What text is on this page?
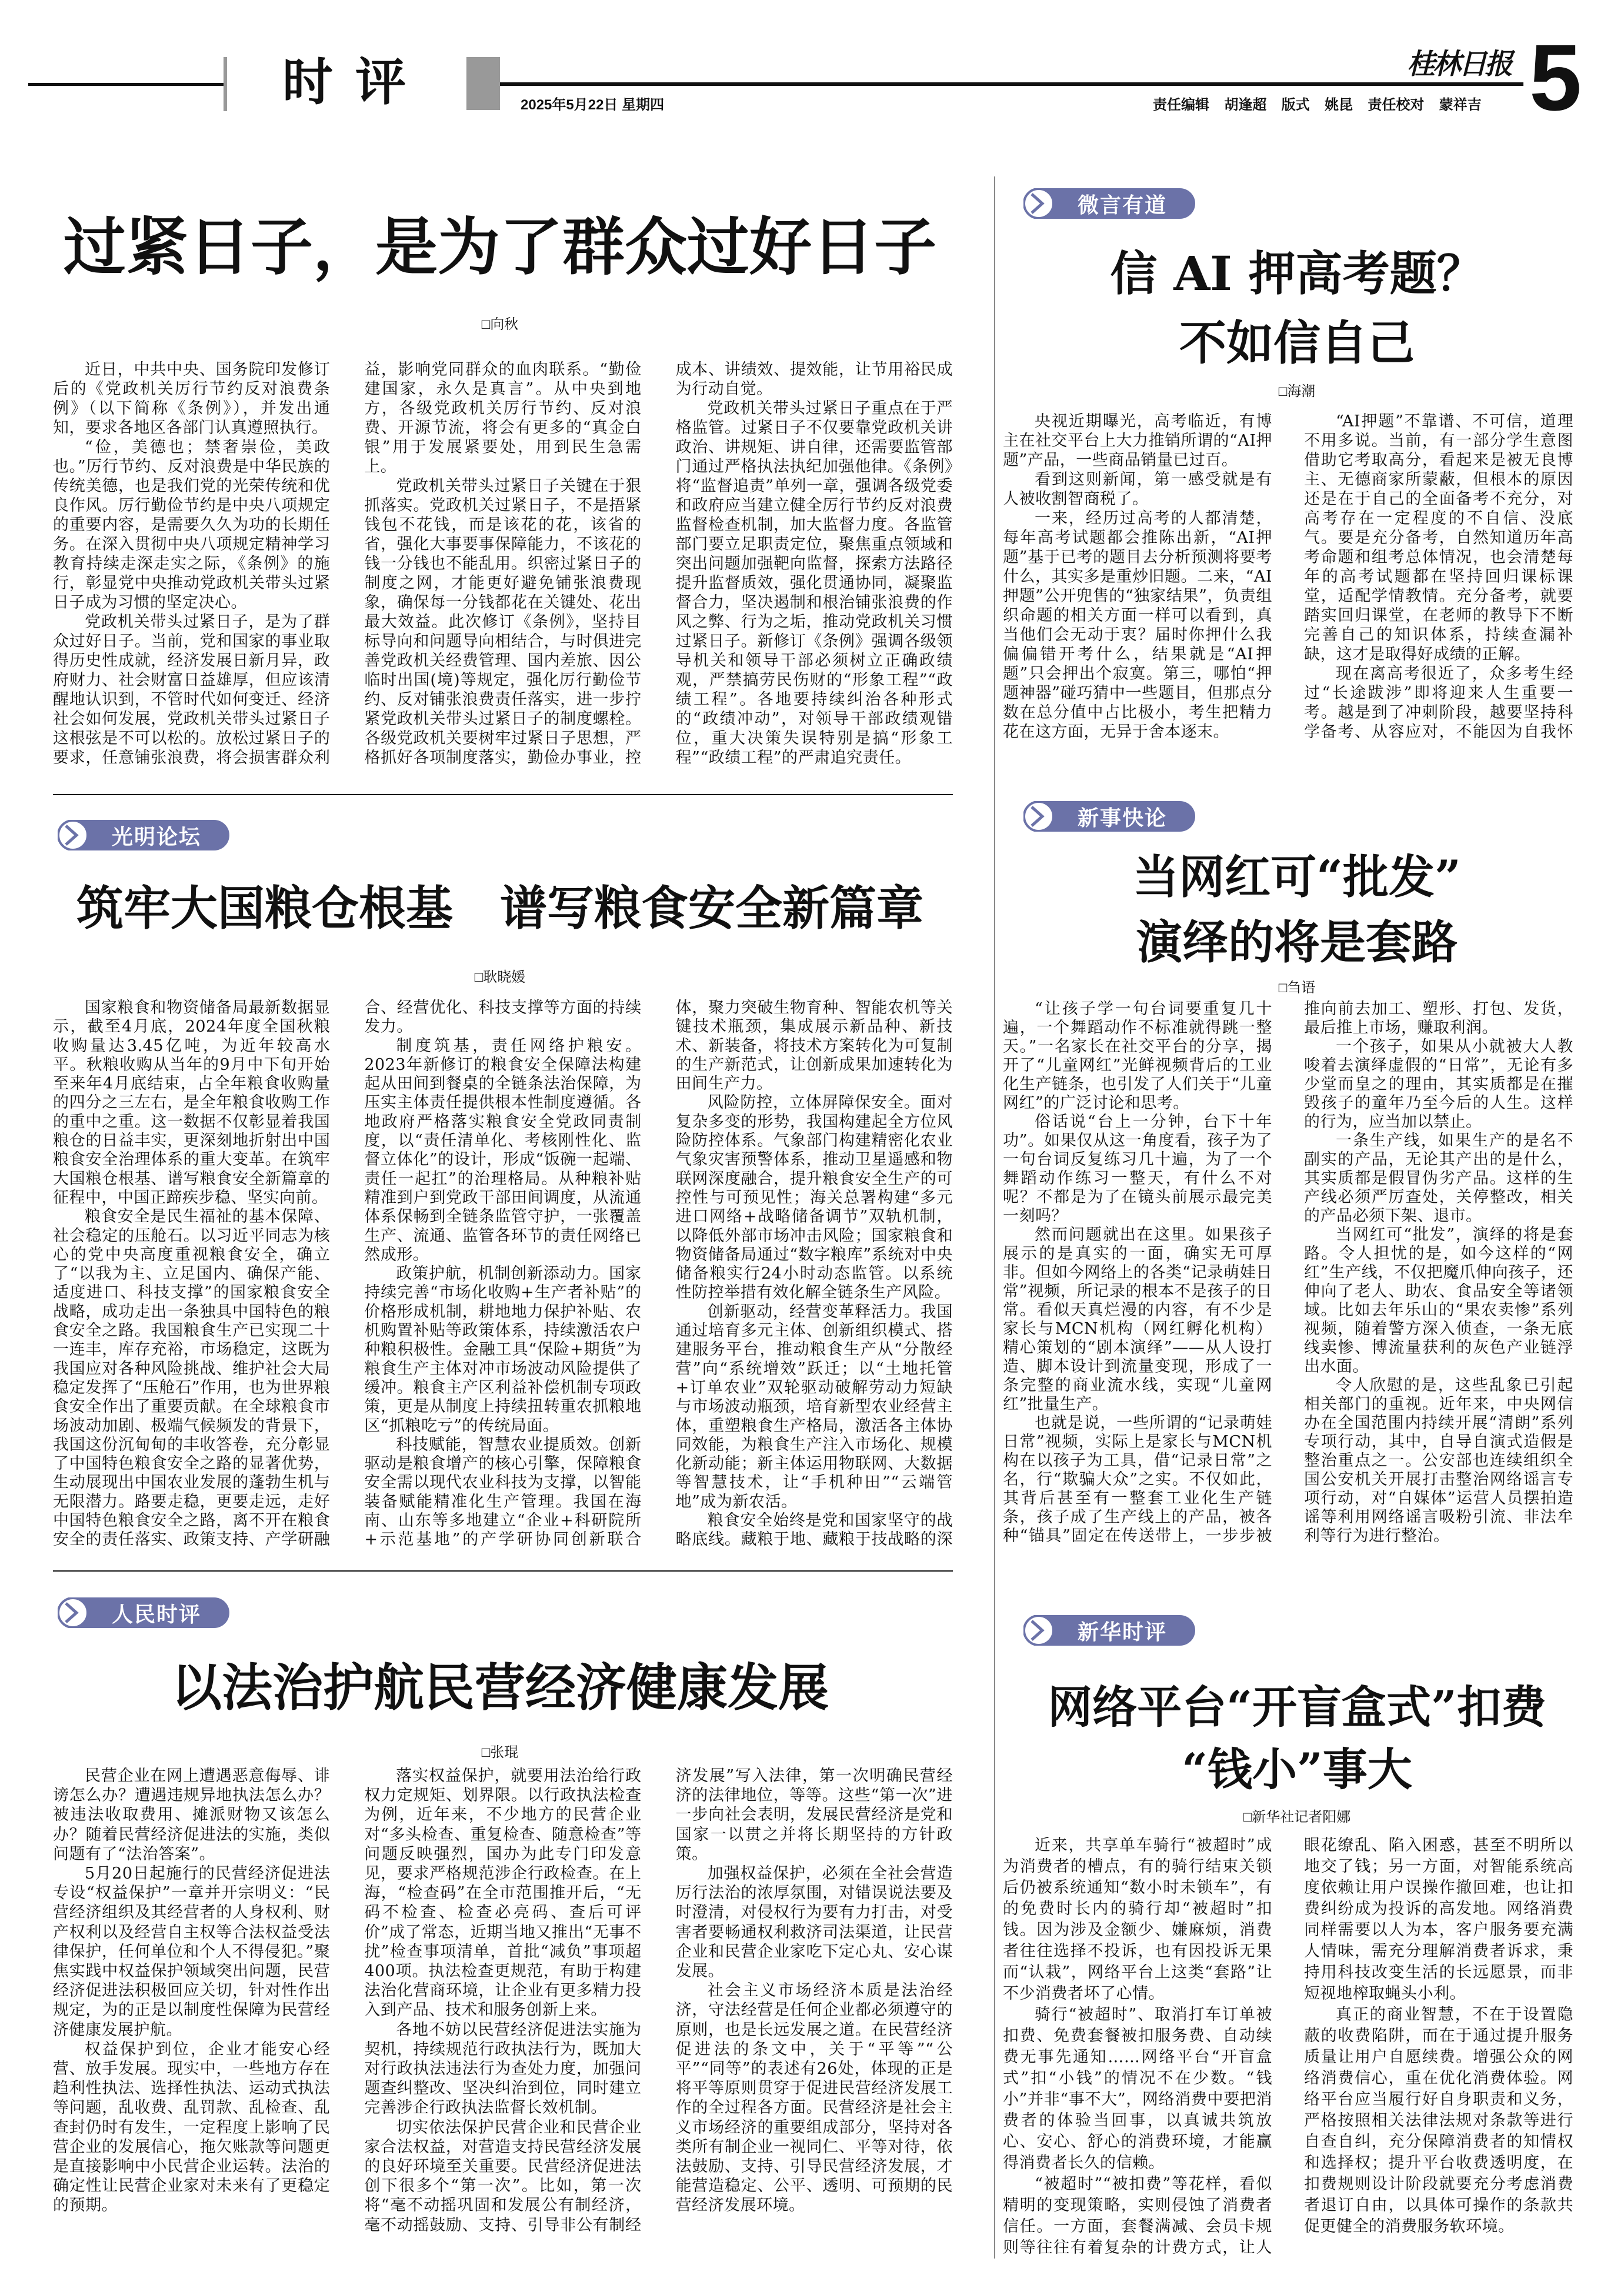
时评	2025年5月22日 星期四	责任编辑  胡逢超  版式  姚昆  责任校对  蒙祥吉
桂林日报 5
过紧日子，是为了群众过好日子
□向秋

近日，中共中央、国务院印发修订后的《党政机关厉行节约反对浪费条例》（以下简称《条例》），并发出通知，要求各地区各部门认真遵照执行。

“俭，美德也；禁奢崇俭，美政也。”厉行节约、反对浪费是中华民族的传统美德，也是我们党的光荣传统和优良作风。厉行勤俭节约是中央八项规定的重要内容，是需要久久为功的长期任务。在深入贯彻中央八项规定精神学习教育持续走深走实之际，《条例》的施行，彰显党中央推动党政机关带头过紧日子成为习惯的坚定决心。

党政机关带头过紧日子，是为了群众过好日子。当前，党和国家的事业取得历史性成就，经济发展日新月异，政府财力、社会财富日益雄厚，但应该清醒地认识到，不管时代如何变迁、经济社会如何发展，党政机关带头过紧日子这根弦是不可以松的。放松过紧日子的要求，任意铺张浪费，将会损害群众利益，影响党同群众的血肉联系。“勤俭建国家，永久是真言”。从中央到地方，各级党政机关厉行节约、反对浪费、开源节流，将会有更多的“真金白银”用于发展紧要处，用到民生急需上。

党政机关带头过紧日子关键在于狠抓落实。党政机关过紧日子，不是捂紧钱包不花钱，而是该花的花，该省的省，强化大事要事保障能力，不该花的钱一分钱也不能乱用。织密过紧日子的制度之网，才能更好避免铺张浪费现象，确保每一分钱都花在关键处、花出最大效益。此次修订《条例》，坚持目标导向和问题导向相结合，与时俱进完善党政机关经费管理、国内差旅、因公临时出国(境)等规定，强化厉行勤俭节约、反对铺张浪费责任落实，进一步拧紧党政机关带头过紧日子的制度螺栓。各级党政机关要树牢过紧日子思想，严格抓好各项制度落实，勤俭办事业，控成本、讲绩效、提效能，让节用裕民成为行动自觉。

党政机关带头过紧日子重点在于严格监管。过紧日子不仅要靠党政机关讲政治、讲规矩、讲自律，还需要监管部门通过严格执法执纪加强他律。《条例》将“监督追责”单列一章，强调各级党委和政府应当建立健全厉行节约反对浪费监督检查机制，加大监督力度。各监管部门要立足职责定位，聚焦重点领域和突出问题加强靶向监督，探索方法路径提升监督质效，强化贯通协同，凝聚监督合力，坚决遏制和根治铺张浪费的作风之弊、行为之垢，推动党政机关习惯过紧日子。新修订《条例》强调各级领导机关和领导干部必须树立正确政绩观，严禁搞劳民伤财的“形象工程”“政绩工程”。各地要持续纠治各种形式的“政绩冲动”，对领导干部政绩观错位，重大决策失误特别是搞“形象工程”“政绩工程”的严肃追究责任。

光明论坛
筑牢大国粮仓根基　谱写粮食安全新篇章
□耿晓媛

国家粮食和物资储备局最新数据显示，截至4月底，2024年度全国秋粮收购量达3.45亿吨，为近年较高水平。秋粮收购从当年的9月中下旬开始至来年4月底结束，占全年粮食收购量的四分之三左右，是全年粮食收购工作的重中之重。这一数据不仅彰显着我国粮仓的日益丰实，更深刻地折射出中国粮食安全治理体系的重大变革。在筑牢大国粮仓根基、谱写粮食安全新篇章的征程中，中国正蹄疾步稳、坚实向前。

粮食安全是民生福祉的基本保障、社会稳定的压舱石。以习近平同志为核心的党中央高度重视粮食安全，确立了“以我为主、立足国内、确保产能、适度进口、科技支撑”的国家粮食安全战略，成功走出一条独具中国特色的粮食安全之路。我国粮食生产已实现二十一连丰，库存充裕，市场稳定，这既为我国应对各种风险挑战、维护社会大局稳定发挥了“压舱石”作用，也为世界粮食安全作出了重要贡献。在全球粮食市场波动加剧、极端气候频发的背景下，我国这份沉甸甸的丰收答卷，充分彰显了中国特色粮食安全之路的显著优势，生动展现出中国农业发展的蓬勃生机与无限潜力。路要走稳，更要走远，走好中国特色粮食安全之路，离不开在粮食安全的责任落实、政策支持、产学研融合、经营优化、科技支撑等方面的持续发力。

制度筑基，责任网络护粮安。2023年新修订的粮食安全保障法构建起从田间到餐桌的全链条法治保障，为压实主体责任提供根本性制度遵循。各地政府严格落实粮食安全党政同责制度，以“责任清单化、考核刚性化、监督立体化”的设计，形成“饭碗一起端、责任一起扛”的治理格局。从种粮补贴精准到户到党政干部田间调度，从流通体系保畅到全链条监管守护，一张覆盖生产、流通、监管各环节的责任网络已然成形。

政策护航，机制创新添动力。国家持续完善“市场化收购+生产者补贴”的价格形成机制，耕地地力保护补贴、农机购置补贴等政策体系，持续激活农户种粮积极性。金融工具“保险+期货”为粮食生产主体对冲市场波动风险提供了缓冲。粮食主产区利益补偿机制专项政策，更是从制度上持续扭转重农抓粮地区“抓粮吃亏”的传统局面。

科技赋能，智慧农业提质效。创新驱动是粮食增产的核心引擎，保障粮食安全需以现代农业科技为支撑，以智能装备赋能精准化生产管理。我国在海南、山东等多地建立“企业+科研院所+示范基地”的产学研协同创新联合体，聚力突破生物育种、智能农机等关键技术瓶颈，集成展示新品种、新技术、新装备，将技术方案转化为可复制的生产新范式，让创新成果加速转化为田间生产力。

风险防控，立体屏障保安全。面对复杂多变的形势，我国构建起全方位风险防控体系。气象部门构建精密化农业气象灾害预警体系，推动卫星遥感和物联网深度融合，提升粮食安全生产的可控性与可预见性；海关总署构建“多元进口网络+战略储备调节”双轨机制，以降低外部市场冲击风险；国家粮食和物资储备局通过“数字粮库”系统对中央储备粮实行24小时动态监管。以系统性防控举措有效化解全链条生产风险。

创新驱动，经营变革释活力。我国通过培育多元主体、创新组织模式、搭建服务平台，推动粮食生产从“分散经营”向“系统增效”跃迁；以“土地托管+订单农业”双轮驱动破解劳动力短缺与市场波动瓶颈，培育新型农业经营主体，重塑粮食生产格局，激活各主体协同效能，为粮食生产注入市场化、规模化新动能；新主体运用物联网、大数据等智慧技术，让“手机种田”“云端管地”成为新农活。

粮食安全始终是党和国家坚守的战略底线。藏粮于地、藏粮于技战略的深

人民时评
以法治护航民营经济健康发展
□张琨

民营企业在网上遭遇恶意侮辱、诽谤怎么办？遭遇违规异地执法怎么办？被违法收取费用、摊派财物又该怎么办？随着民营经济促进法的实施，类似问题有了“法治答案”。

5月20日起施行的民营经济促进法专设“权益保护”一章并开宗明义：“民营经济组织及其经营者的人身权利、财产权利以及经营自主权等合法权益受法律保护，任何单位和个人不得侵犯。”聚焦实践中权益保护领域突出问题，民营经济促进法积极回应关切，针对性作出规定，为的正是以制度性保障为民营经济健康发展护航。

权益保护到位，企业才能安心经营、放手发展。现实中，一些地方存在趋利性执法、选择性执法、运动式执法等问题，乱收费、乱罚款、乱检查、乱查封仍时有发生，一定程度上影响了民营企业的发展信心，拖欠账款等问题更是直接影响中小民营企业运转。法治的确定性让民营企业家对未来有了更稳定的预期。

落实权益保护，就要用法治给行政权力定规矩、划界限。以行政执法检查为例，近年来，不少地方的民营企业对“多头检查、重复检查、随意检查”等问题反映强烈，国办为此专门印发意见，要求严格规范涉企行政检查。在上海，“检查码”在全市范围推开后，“无码不检查、检查必亮码、查后可评价”成了常态，近期当地又推出“无事不扰”检查事项清单，首批“减负”事项超400项。执法检查更规范，有助于构建法治化营商环境，让企业有更多精力投入到产品、技术和服务创新上来。

各地不妨以民营经济促进法实施为契机，持续规范行政执法行为，既加大对行政执法违法行为查处力度，加强问题查纠整改、坚决纠治到位，同时建立完善涉企行政执法监督长效机制。

切实依法保护民营企业和民营企业家合法权益，对营造支持民营经济发展的良好环境至关重要。民营经济促进法创下很多个“第一次”。比如，第一次将“毫不动摇巩固和发展公有制经济，毫不动摇鼓励、支持、引导非公有制经济发展”写入法律，第一次明确民营经济的法律地位，等等。这些“第一次”进一步向社会表明，发展民营经济是党和国家一以贯之并将长期坚持的方针政策。

加强权益保护，必须在全社会营造厉行法治的浓厚氛围，对错误说法要及时澄清，对侵权行为要有力打击，对受害者要畅通权利救济司法渠道，让民营企业和民营企业家吃下定心丸、安心谋发展。

社会主义市场经济本质是法治经济，守法经营是任何企业都必须遵守的原则，也是长远发展之道。在民营经济促进法的条文中，关于“平等”“公平”“同等”的表述有26处，体现的正是将平等原则贯穿于促进民营经济发展工作的全过程各方面。民营经济是社会主义市场经济的重要组成部分，坚持对各类所有制企业一视同仁、平等对待，依法鼓励、支持、引导民营经济发展，才能营造稳定、公平、透明、可预期的民营经济发展环境。

微言有道
信 AI 押高考题？
不如信自己
□海潮

央视近期曝光，高考临近，有博主在社交平台上大力推销所谓的“AI押题”产品，一些商品销量已过百。

看到这则新闻，第一感受就是有人被收割智商税了。

一来，经历过高考的人都清楚，每年高考试题都会推陈出新，“AI押题”基于已考的题目去分析预测将要考什么，其实多是重炒旧题。二来，“AI押题”公开兜售的“独家结果”，负责组织命题的相关方面一样可以看到，真当他们会无动于衷？届时你押什么我偏偏错开考什么，结果就是“AI押题”只会押出个寂寞。第三，哪怕“押题神器”碰巧猜中一些题目，但那点分数在总分值中占比极小，考生把精力花在这方面，无异于舍本逐末。

“AI押题”不靠谱、不可信，道理不用多说。当前，有一部分学生意图借助它考取高分，看起来是被无良博主、无德商家所蒙蔽，但根本的原因还是在于自己的全面备考不充分，对高考存在一定程度的不自信、没底气。要是充分备考，自然知道历年高考命题和组考总体情况，也会清楚每年的高考试题都在坚持回归课标课堂，适配学情教情。充分备考，就要踏实回归课堂，在老师的教导下不断完善自己的知识体系，持续查漏补缺，这才是取得好成绩的正解。

现在离高考很近了，众多考生经过“长途跋涉”即将迎来人生重要一考。越是到了冲刺阶段，越要坚持科学备考、从容应对，不能因为自我怀

新事快论
当网红可“批发”
演绎的将是套路
□刍语

“让孩子学一句台词要重复几十遍，一个舞蹈动作不标准就得跳一整天。”一名家长在社交平台的分享，揭开了“儿童网红”光鲜视频背后的工业化生产链条，也引发了人们关于“儿童网红”的广泛讨论和思考。

俗话说“台上一分钟，台下十年功”。如果仅从这一角度看，孩子为了一句台词反复练习几十遍，为了一个舞蹈动作练习一整天，有什么不对呢？不都是为了在镜头前展示最完美一刻吗？

然而问题就出在这里。如果孩子展示的是真实的一面，确实无可厚非。但如今网络上的各类“记录萌娃日常”视频，所记录的根本不是孩子的日常。看似天真烂漫的内容，有不少是家长与MCN机构（网红孵化机构）精心策划的“剧本演绎”——从人设打造、脚本设计到流量变现，形成了一条完整的商业流水线，实现“儿童网红”批量生产。

也就是说，一些所谓的“记录萌娃日常”视频，实际上是家长与MCN机构在以孩子为工具，借“记录日常”之名，行“欺骗大众”之实。不仅如此，其背后甚至有一整套工业化生产链条，孩子成了生产线上的产品，被各种“锚具”固定在传送带上，一步步被推向前去加工、塑形、打包、发货，最后推上市场，赚取利润。

一个孩子，如果从小就被大人教唆着去演绎虚假的“日常”，无论有多少堂而皇之的理由，其实质都是在摧毁孩子的童年乃至今后的人生。这样的行为，应当加以禁止。

一条生产线，如果生产的是名不副实的产品，无论其产出的是什么，其实质都是假冒伪劣产品。这样的生产线必须严厉查处，关停整改，相关的产品必须下架、退市。

当网红可“批发”，演绎的将是套路。令人担忧的是，如今这样的“网红”生产线，不仅把魔爪伸向孩子，还伸向了老人、助农、食品安全等诸领域。比如去年乐山的“果农卖惨”系列视频，随着警方深入侦查，一条无底线卖惨、博流量获利的灰色产业链浮出水面。

令人欣慰的是，这些乱象已引起相关部门的重视。近年来，中央网信办在全国范围内持续开展“清朗”系列专项行动，其中，自导自演式造假是整治重点之一。公安部也连续组织全国公安机关开展打击整治网络谣言专项行动，对“自媒体”运营人员摆拍造谣等利用网络谣言吸粉引流、非法牟利等行为进行整治。

新华时评
网络平台“开盲盒式”扣费
“钱小”事大
□新华社记者阳娜

近来，共享单车骑行“被超时”成为消费者的槽点，有的骑行结束关锁后仍被系统通知“数小时未锁车”，有的免费时长内的骑行却“被超时”扣钱。因为涉及金额少、嫌麻烦，消费者往往选择不投诉，也有因投诉无果而“认栽”，网络平台上这类“套路”让不少消费者坏了心情。

骑行“被超时”、取消打车订单被扣费、免费套餐被扣服务费、自动续费无事先通知……网络平台“开盲盒式”扣“小钱”的情况不在少数。“钱小”并非“事不大”，网络消费中要把消费者的体验当回事，以真诚共筑放心、安心、舒心的消费环境，才能赢得消费者长久的信赖。

“被超时”“被扣费”等花样，看似精明的变现策略，实则侵蚀了消费者信任。一方面，套餐满减、会员卡规则等往往有着复杂的计费方式，让人眼花缭乱、陷入困惑，甚至不明所以地交了钱；另一方面，对智能系统高度依赖让用户误操作撤回难，也让扣费纠纷成为投诉的高发地。网络消费同样需要以人为本，客户服务要充满人情味，需充分理解消费者诉求，秉持用科技改变生活的长远愿景，而非短视地榨取蝇头小利。

真正的商业智慧，不在于设置隐蔽的收费陷阱，而在于通过提升服务质量让用户自愿续费。增强公众的网络消费信心，重在优化消费体验。网络平台应当履行好自身职责和义务，严格按照相关法律法规对条款等进行自查自纠，充分保障消费者的知情权和选择权；提升平台收费透明度，在扣费规则设计阶段就要充分考虑消费者退订自由，以具体可操作的条款共促更健全的消费服务软环境。
